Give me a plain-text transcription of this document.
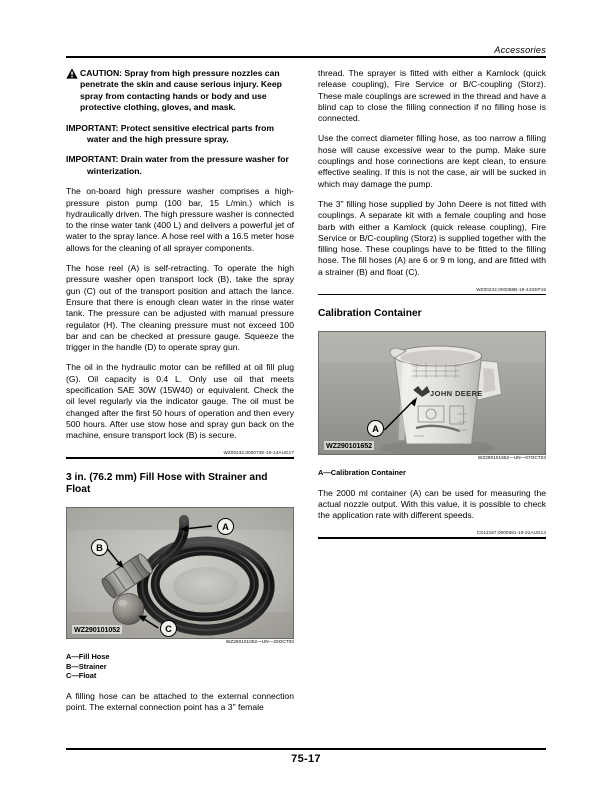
Accessories
CAUTION: Spray from high pressure nozzles can penetrate the skin and cause serious injury. Keep spray from contacting hands or body and use protective clothing, gloves, and mask.
IMPORTANT: Protect sensitive electrical parts from water and the high pressure spray.
IMPORTANT: Drain water from the pressure washer for winterization.

The on-board high pressure washer comprises a high-pressure piston pump (100 bar, 15 L/min.) which is hydraulically driven. The high pressure washer is connected to the rinse water tank (400 L) and delivers a powerful jet of water to the spray lance. A hose reel with a 16.5 meter hose allows for the cleaning of all sprayer components.

The hose reel (A) is self-retracting. To operate the high pressure washer open transport lock (B), take the spray gun (C) out of the transport position and attach the lance. Ensure that there is enough clean water in the rinse water tank. The pressure can be adjusted with manual pressure regulator (H). The cleaning pressure must not exceed 100 bar and can be checked at pressure gauge. Squeeze the trigger in the handle (D) to operate spray gun.

The oil in the hydraulic motor can be refilled at oil fill plug (G). Oil capacity is 0.4 L. Only use oil that meets specification SAE 30W (15W40) or equivalent. Check the oil level regularly via the indicator gauge. The oil must be changed after the first 50 hours of operation and then every 500 hours. After use stow hose and spray gun back on the machine, ensure transport lock (B) is secure.

WZ00232,000073E-19-14AUG17
3 in. (76.2 mm) Fill Hose with Strainer and Float
A
B
C
WZ290101052
WZ290101052—UN—20OCT00
A—Fill Hose
B—Strainer
C—Float

A filling hose can be attached to the external connection point. The external connection point has a 3" female

thread. The sprayer is fitted with either a Kamlock (quick release coupling), Fire Service or B/C-coupling (Storz). These male couplings are screwed in the thread and have a blind cap to close the filling connection if no filling hose is connected.

Use the correct diameter filling hose, as too narrow a filling hose will cause excessive wear to the pump. Make sure couplings and hose connections are kept clean, to ensure effective sealing. If this is not the case, air will be sucked in which may damage the pump.

The 3" filling hose supplied by John Deere is not fitted with couplings. A separate kit with a female coupling and hose barb with either a Kamlock (quick release coupling), Fire Service or B/C-coupling (Storz) is supplied together with the filling hose. These couplings have to be fitted to the filling hose. The fill hoses (A) are 6 or 9 m long, and are fitted with a strainer (B) and float (C).

WZ00232,000088B-19-24SEP19
Calibration Container
JOHN DEERE
A
WZ290101652
WZ290101652—UN—07OCT03
A—Calibration Container

The 2000 ml container (A) can be used for measuring the actual nozzle output. With this value, it is possible to check the application rate with different speeds.

CS12167,0000681-19-21AUG14
75-17
